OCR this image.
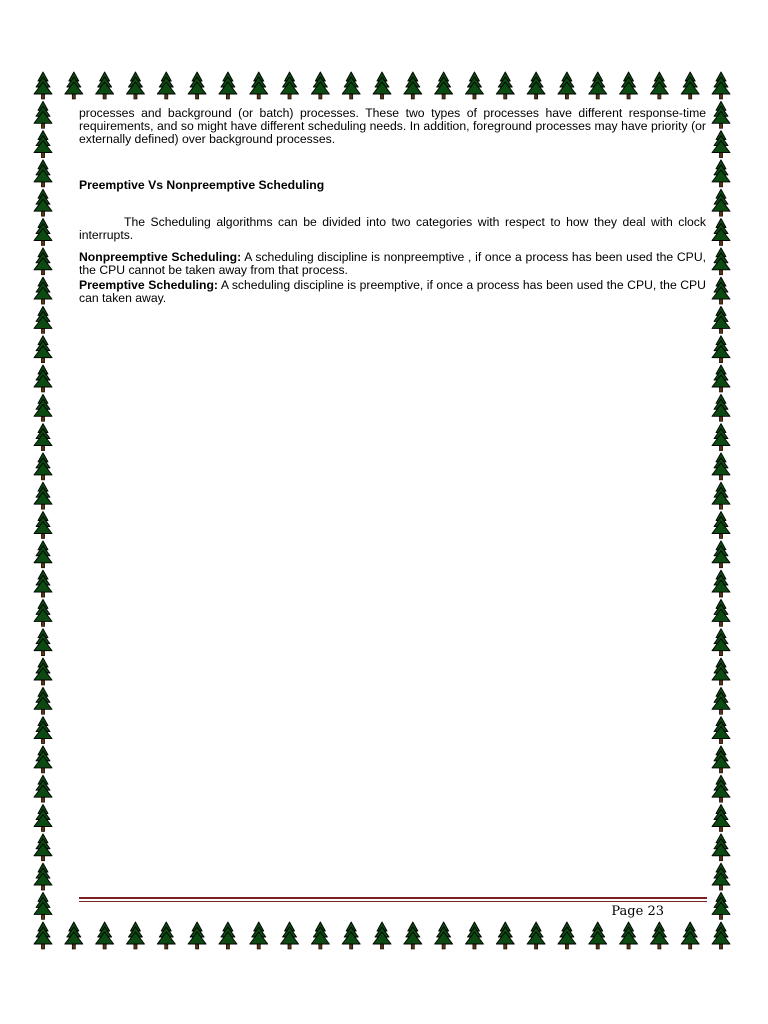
processes and background (or batch) processes. These two types of processes have different response-time requirements, and so might have different scheduling needs. In addition, foreground processes may have priority (or externally defined) over background processes.

Preemptive Vs Nonpreemptive Scheduling

The Scheduling algorithms can be divided into two categories with respect to how they deal with clock interrupts.

Nonpreemptive Scheduling: A scheduling discipline is nonpreemptive , if once a process has been used the CPU, the CPU cannot be taken away from that process.

Preemptive Scheduling: A scheduling discipline is preemptive, if once a process has been used the CPU, the CPU can taken away.

Page 23
